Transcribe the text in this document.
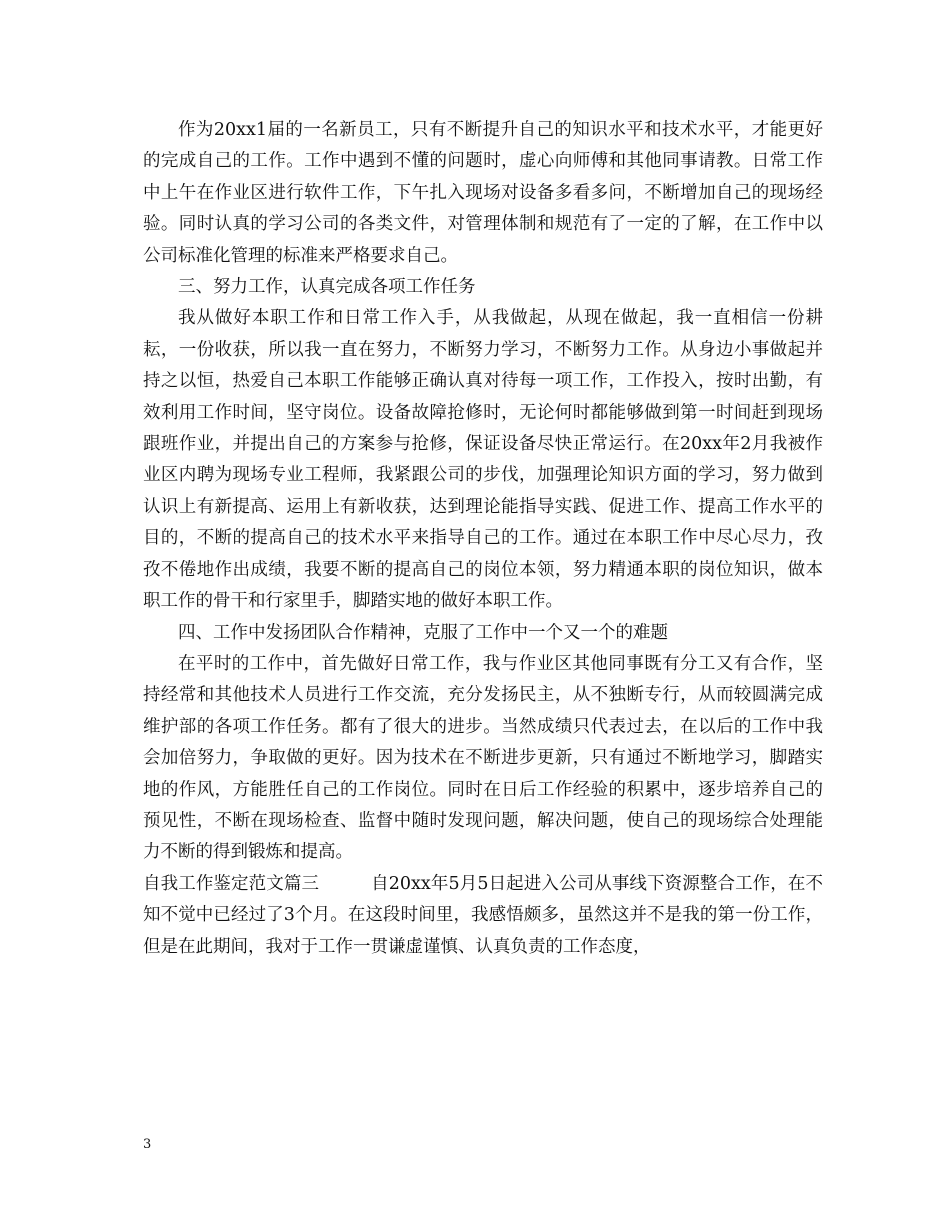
作为20xx1届的一名新员工，只有不断提升自己的知识水平和技术水平，才能更好的完成自己的工作。工作中遇到不懂的问题时，虚心向师傅和其他同事请教。日常工作中上午在作业区进行软件工作，下午扎入现场对设备多看多问，不断增加自己的现场经验。同时认真的学习公司的各类文件，对管理体制和规范有了一定的了解，在工作中以公司标准化管理的标准来严格要求自己。

三、努力工作，认真完成各项工作任务

我从做好本职工作和日常工作入手，从我做起，从现在做起，我一直相信一份耕耘，一份收获，所以我一直在努力，不断努力学习，不断努力工作。从身边小事做起并持之以恒，热爱自己本职工作能够正确认真对待每一项工作，工作投入，按时出勤，有效利用工作时间，坚守岗位。设备故障抢修时，无论何时都能够做到第一时间赶到现场跟班作业，并提出自己的方案参与抢修，保证设备尽快正常运行。在20xx年2月我被作业区内聘为现场专业工程师，我紧跟公司的步伐，加强理论知识方面的学习，努力做到认识上有新提高、运用上有新收获，达到理论能指导实践、促进工作、提高工作水平的目的，不断的提高自己的技术水平来指导自己的工作。通过在本职工作中尽心尽力，孜孜不倦地作出成绩，我要不断的提高自己的岗位本领，努力精通本职的岗位知识，做本职工作的骨干和行家里手，脚踏实地的做好本职工作。

四、工作中发扬团队合作精神，克服了工作中一个又一个的难题

在平时的工作中，首先做好日常工作，我与作业区其他同事既有分工又有合作，坚持经常和其他技术人员进行工作交流，充分发扬民主，从不独断专行，从而较圆满完成维护部的各项工作任务。都有了很大的进步。当然成绩只代表过去，在以后的工作中我会加倍努力，争取做的更好。因为技术在不断进步更新，只有通过不断地学习，脚踏实地的作风，方能胜任自己的工作岗位。同时在日后工作经验的积累中，逐步培养自己的预见性，不断在现场检查、监督中随时发现问题，解决问题，使自己的现场综合处理能力不断的得到锻炼和提高。

自我工作鉴定范文篇三	自20xx年5月5日起进入公司从事线下资源整合工作，在不知不觉中已经过了3个月。在这段时间里，我感悟颇多，虽然这并不是我的第一份工作，但是在此期间，我对于工作一贯谦虚谨慎、认真负责的工作态度，

3
